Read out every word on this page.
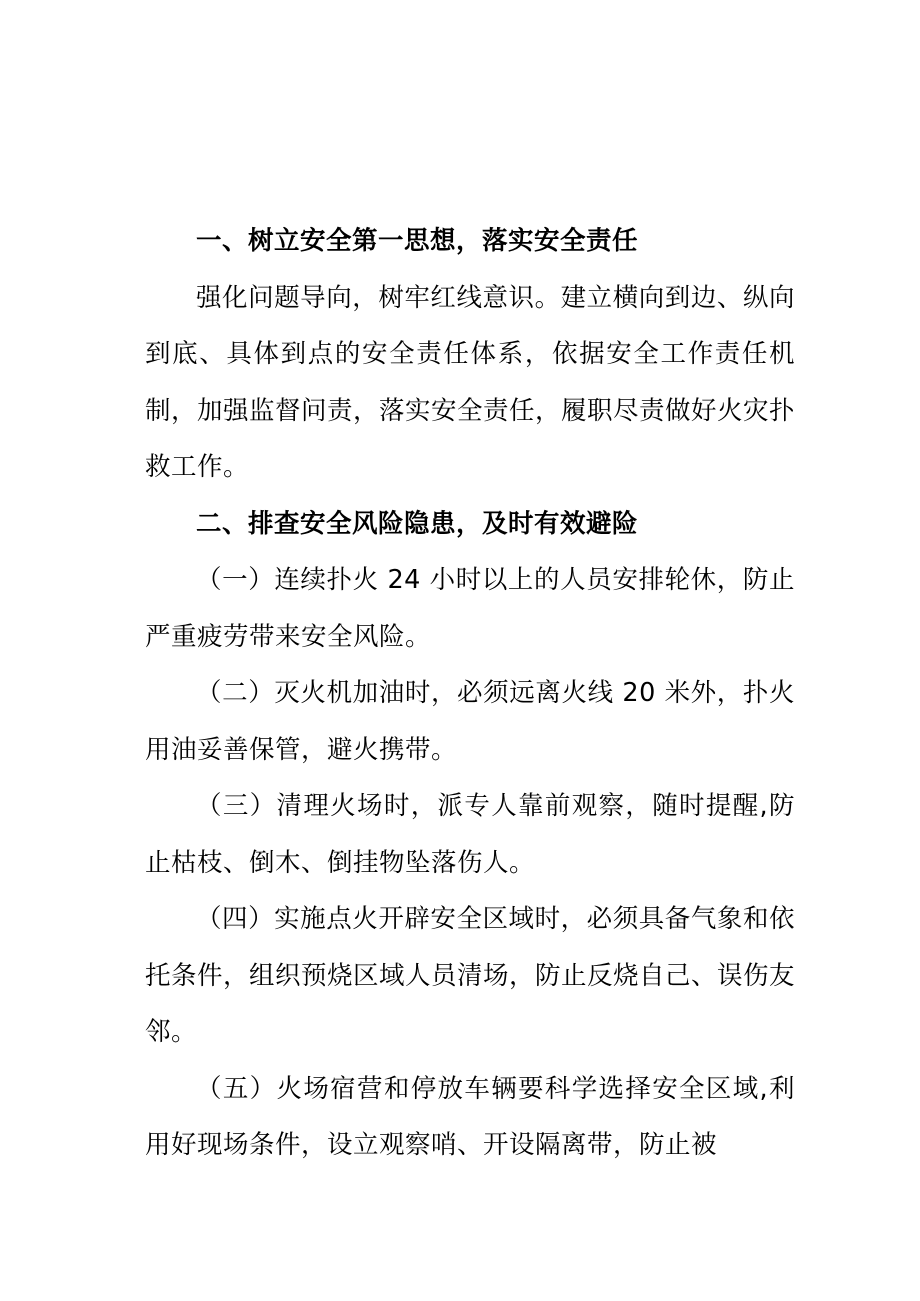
一、树立安全第一思想，落实安全责任

强化问题导向，树牢红线意识。建立横向到边、纵向到底、具体到点的安全责任体系，依据安全工作责任机制，加强监督问责，落实安全责任，履职尽责做好火灾扑救工作。

二、排查安全风险隐患，及时有效避险

（一）连续扑火 24 小时以上的人员安排轮休，防止严重疲劳带来安全风险。

（二）灭火机加油时，必须远离火线 20 米外，扑火用油妥善保管，避火携带。

（三）清理火场时，派专人靠前观察，随时提醒,防止枯枝、倒木、倒挂物坠落伤人。

（四）实施点火开辟安全区域时，必须具备气象和依托条件，组织预烧区域人员清场，防止反烧自己、误伤友邻。

（五）火场宿营和停放车辆要科学选择安全区域,利用好现场条件，设立观察哨、开设隔离带，防止被
